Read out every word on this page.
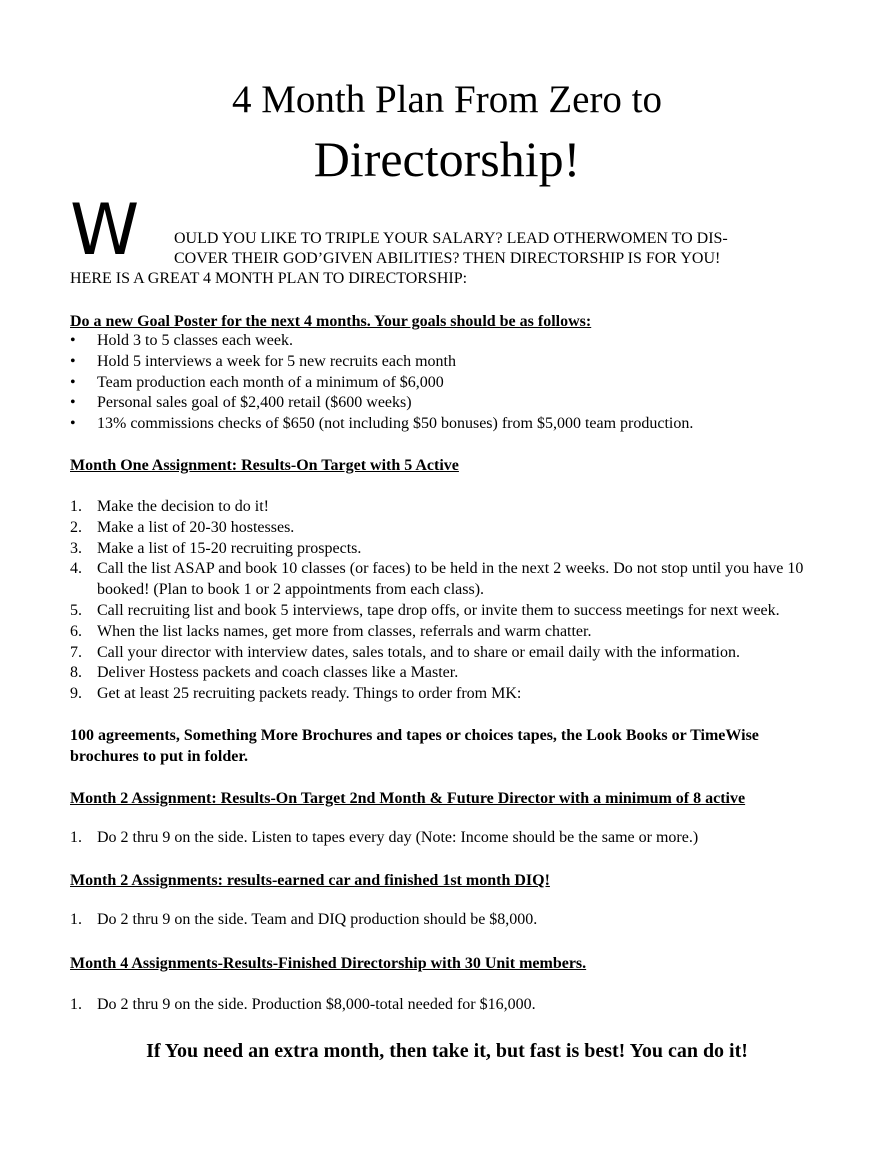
4 Month Plan From Zero to
Directorship!
W OULD YOU LIKE TO TRIPLE YOUR SALARY? LEAD OTHERWOMEN TO DIS-
COVER THEIR GOD’GIVEN ABILITIES? THEN DIRECTORSHIP IS FOR YOU!
HERE IS A GREAT 4 MONTH PLAN TO DIRECTORSHIP:
Do a new Goal Poster for the next 4 months. Your goals should be as follows:
• Hold 3 to 5 classes each week.
• Hold 5 interviews a week for 5 new recruits each month
• Team production each month of a minimum of $6,000
• Personal sales goal of $2,400 retail ($600 weeks)
• 13% commissions checks of $650 (not including $50 bonuses) from $5,000 team production.
Month One Assignment: Results-On Target with 5 Active
1. Make the decision to do it!
2. Make a list of 20-30 hostesses.
3. Make a list of 15-20 recruiting prospects.
4. Call the list ASAP and book 10 classes (or faces) to be held in the next 2 weeks. Do not stop until you have 10 booked! (Plan to book 1 or 2 appointments from each class).
5. Call recruiting list and book 5 interviews, tape drop offs, or invite them to success meetings for next week.
6. When the list lacks names, get more from classes, referrals and warm chatter.
7. Call your director with interview dates, sales totals, and to share or email daily with the information.
8. Deliver Hostess packets and coach classes like a Master.
9. Get at least 25 recruiting packets ready. Things to order from MK:
100 agreements, Something More Brochures and tapes or choices tapes, the Look Books or TimeWise brochures to put in folder.
Month 2 Assignment: Results-On Target 2nd Month & Future Director with a minimum of 8 active
1. Do 2 thru 9 on the side. Listen to tapes every day (Note: Income should be the same or more.)
Month 2 Assignments: results-earned car and finished 1st month DIQ!
1. Do 2 thru 9 on the side. Team and DIQ production should be $8,000.
Month 4 Assignments-Results-Finished Directorship with 30 Unit members.
1. Do 2 thru 9 on the side. Production $8,000-total needed for $16,000.
If You need an extra month, then take it, but fast is best! You can do it!
